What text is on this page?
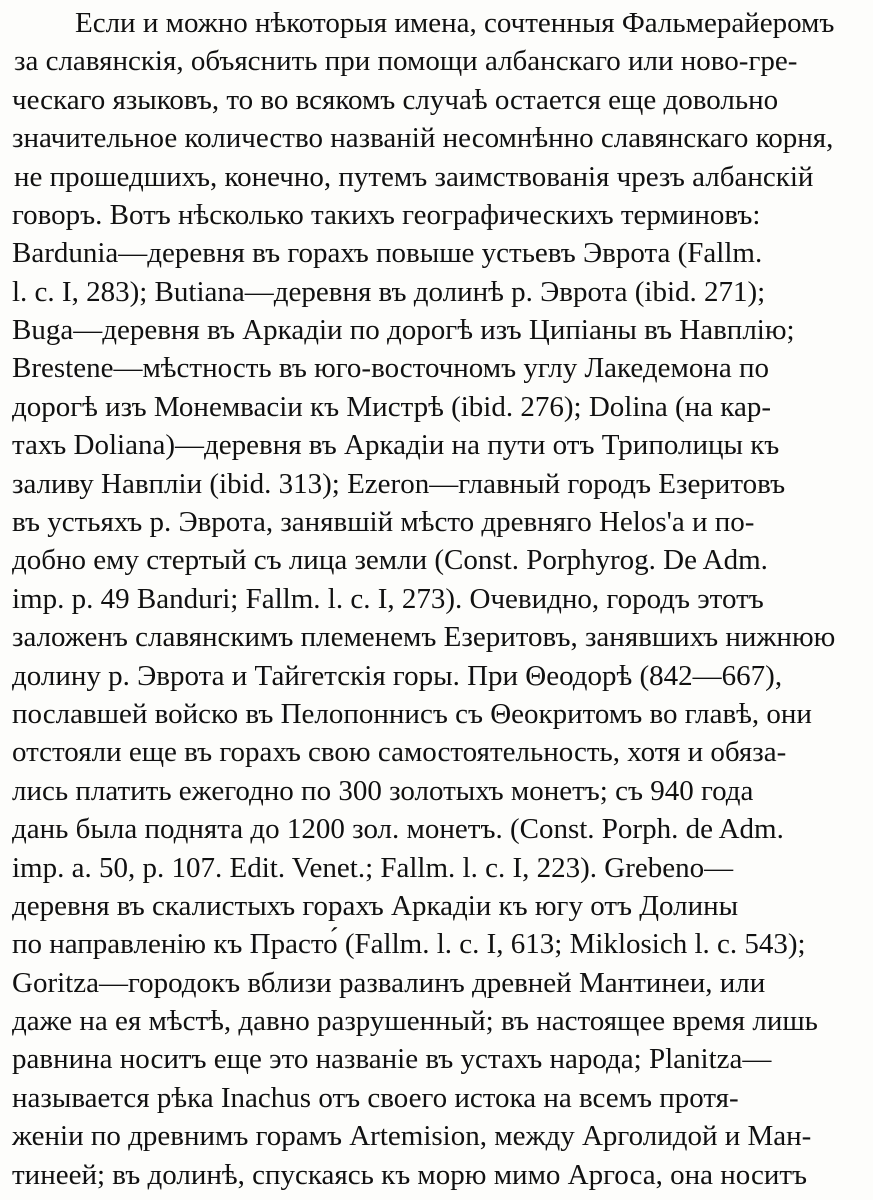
Если и можно нѣкоторыя имена, сочтенныя Фальмерайеромъ
за славянскія, объяснить при помощи албанскаго или ново-гре-
ческаго языковъ, то во всякомъ случаѣ остается еще довольно
значительное количество названій несомнѣнно славянскаго корня,
не прошедшихъ, конечно, путемъ заимствованія чрезъ албанскій
говоръ. Вотъ нѣсколько такихъ географическихъ терминовъ:
Bardunia—деревня въ горахъ повыше устьевъ Эврота (Fallm.
l. c. I, 283); Butiana—деревня въ долинѣ р. Эврота (ibid. 271);
Buga—деревня въ Аркадіи по дорогѣ изъ Ципіаны въ Навплію;
Brestene—мѣстность въ юго-восточномъ углу Лакедемона по
дорогѣ изъ Монемвасіи къ Мистрѣ (ibid. 276); Dolina (на кар-
тахъ Doliana)—деревня въ Аркадіи на пути отъ Триполицы къ
заливу Навпліи (ibid. 313); Ezeron—главный городъ Езеритовъ
въ устьяхъ р. Эврота, занявшій мѣсто древняго Helos'а и по-
добно ему стертый съ лица земли (Const. Porphyrog. De Adm.
imp. p. 49 Banduri; Fallm. l. c. I, 273). Очевидно, городъ этотъ
заложенъ славянскимъ племенемъ Езеритовъ, занявшихъ нижнюю
долину р. Эврота и Тайгетскія горы. При Θеодорѣ (842—667),
пославшей войско въ Пелопоннисъ съ Θеокритомъ во главѣ, они
отстояли еще въ горахъ свою самостоятельность, хотя и обяза-
лись платить ежегодно по 300 золотыхъ монетъ; съ 940 года
дань была поднята до 1200 зол. монетъ. (Const. Porph. de Adm.
imp. a. 50, p. 107. Edit. Venet.; Fallm. l. c. I, 223). Grebeno—
деревня въ скалистыхъ горахъ Аркадіи къ югу отъ Долины
по направленію къ Прасто́ (Fallm. l. c. I, 613; Miklosich l. c. 543);
Goritza—городокъ вблизи развалинъ древней Мантинеи, или
даже на ея мѣстѣ, давно разрушенный; въ настоящее время лишь
равнина носитъ еще это названіе въ устахъ народа; Planitza—
называется рѣка Inachus отъ своего истока на всемъ протя-
женіи по древнимъ горамъ Artemision, между Арголидой и Ман-
тинеей; въ долинѣ, спускаясь къ морю мимо Аргоса, она носитъ
